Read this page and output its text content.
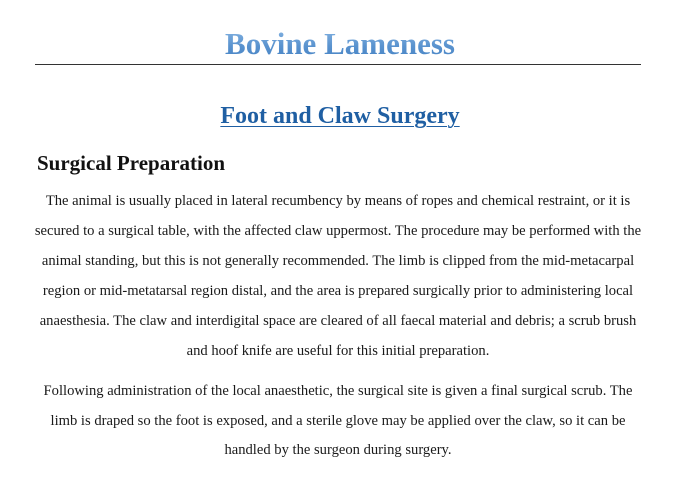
Bovine Lameness
Foot and Claw Surgery
Surgical Preparation

The animal is usually placed in lateral recumbency by means of ropes and chemical restraint, or it is secured to a surgical table, with the affected claw uppermost. The procedure may be performed with the animal standing, but this is not generally recommended. The limb is clipped from the mid-metacarpal region or mid-metatarsal region distal, and the area is prepared surgically prior to administering local anaesthesia. The claw and interdigital space are cleared of all faecal material and debris; a scrub brush and hoof knife are useful for this initial preparation.

Following administration of the local anaesthetic, the surgical site is given a final surgical scrub. The limb is draped so the foot is exposed, and a sterile glove may be applied over the claw, so it can be handled by the surgeon during surgery.
